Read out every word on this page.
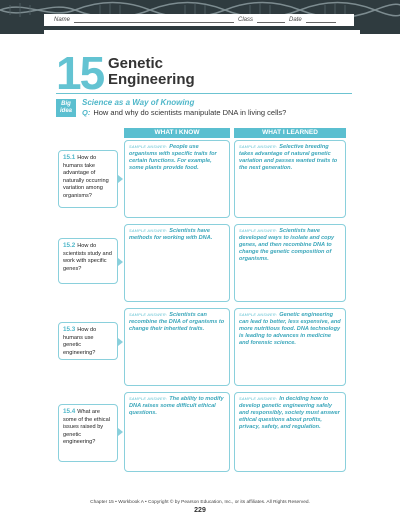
Name	Class	Date
15 Genetic
Engineering
Big
idea
Science as a Way of Knowing
Q: How and why do scientists manipulate DNA in living cells?
WHAT I KNOW	WHAT I LEARNED
15.1 How do humans take advantage of naturally occurring variation among organisms?
SAMPLE ANSWER: People use organisms with specific traits for certain functions. For example, some plants provide food.
SAMPLE ANSWER: Selective breeding takes advantage of natural genetic variation and passes wanted traits to the next generation.
15.2 How do scientists study and work with specific genes?
SAMPLE ANSWER: Scientists have methods for working with DNA.
SAMPLE ANSWER: Scientists have developed ways to isolate and copy genes, and then recombine DNA to change the genetic composition of organisms.
15.3 How do humans use genetic engineering?
SAMPLE ANSWER: Scientists can recombine the DNA of organisms to change their inherited traits.
SAMPLE ANSWER: Genetic engineering can lead to better, less expensive, and more nutritious food. DNA technology is leading to advances in medicine and forensic science.
15.4 What are some of the ethical issues raised by genetic engineering?
SAMPLE ANSWER: The ability to modify DNA raises some difficult ethical questions.
SAMPLE ANSWER: In deciding how to develop genetic engineering safely and responsibly, society must answer ethical questions about profits, privacy, safety, and regulation.
Chapter 15 • Workbook A • Copyright © by Pearson Education, Inc., or its affiliates. All Rights Reserved.
229
